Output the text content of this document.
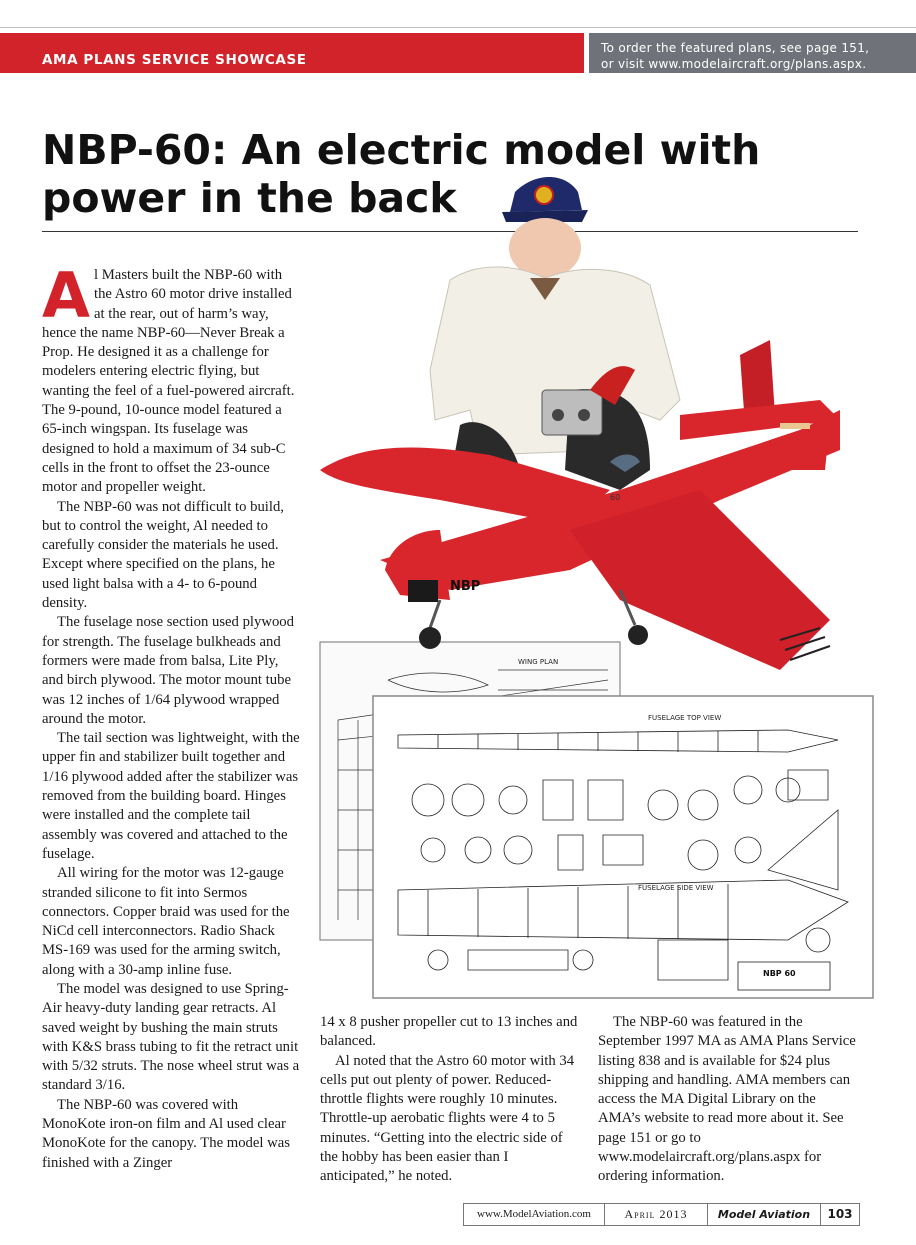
AMA PLANS SERVICE SHOWCASE
To order the featured plans, see page 151,
or visit www.modelaircraft.org/plans.aspx.
NBP-60: An electric model with
power in the back
WING PLAN
FUSELAGE TOP VIEW
FUSELAGE SIDE VIEW
NBP 60
NBP
60

Al Masters built the NBP-60 with the Astro 60 motor drive installed at the rear, out of harm’s way, hence the name NBP-60—Never Break a Prop. He designed it as a challenge for modelers entering electric flying, but wanting the feel of a fuel-powered aircraft. The 9-pound, 10-ounce model featured a 65-inch wingspan. Its fuselage was designed to hold a maximum of 34 sub-C cells in the front to offset the 23-ounce motor and propeller weight.

The NBP-60 was not difficult to build, but to control the weight, Al needed to carefully consider the materials he used. Except where specified on the plans, he used light balsa with a 4- to 6-pound density.

The fuselage nose section used plywood for strength. The fuselage bulkheads and formers were made from balsa, Lite Ply, and birch plywood. The motor mount tube was 12 inches of 1/64 plywood wrapped around the motor.

The tail section was lightweight, with the upper fin and stabilizer built together and 1/16 plywood added after the stabilizer was removed from the building board. Hinges were installed and the complete tail assembly was covered and attached to the fuselage.

All wiring for the motor was 12-gauge stranded silicone to fit into Sermos connectors. Copper braid was used for the NiCd cell interconnectors. Radio Shack MS-169 was used for the arming switch, along with a 30-amp inline fuse.

The model was designed to use Spring-Air heavy-duty landing gear retracts. Al saved weight by bushing the main struts with K&S brass tubing to fit the retract unit with 5/32 struts. The nose wheel strut was a standard 3/16.

The NBP-60 was covered with MonoKote iron-on film and Al used clear MonoKote for the canopy. The model was finished with a Zinger

14 x 8 pusher propeller cut to 13 inches and balanced.

Al noted that the Astro 60 motor with 34 cells put out plenty of power. Reduced-throttle flights were roughly 10 minutes. Throttle-up aerobatic flights were 4 to 5 minutes. “Getting into the electric side of the hobby has been easier than I anticipated,” he noted.

The NBP-60 was featured in the September 1997 MA as AMA Plans Service listing 838 and is available for $24 plus shipping and handling. AMA members can access the MA Digital Library on the AMA’s website to read more about it. See page 151 or go to www.modelaircraft.org/plans.aspx for ordering information.

www.ModelAviation.com	April 2013	Model Aviation	103
